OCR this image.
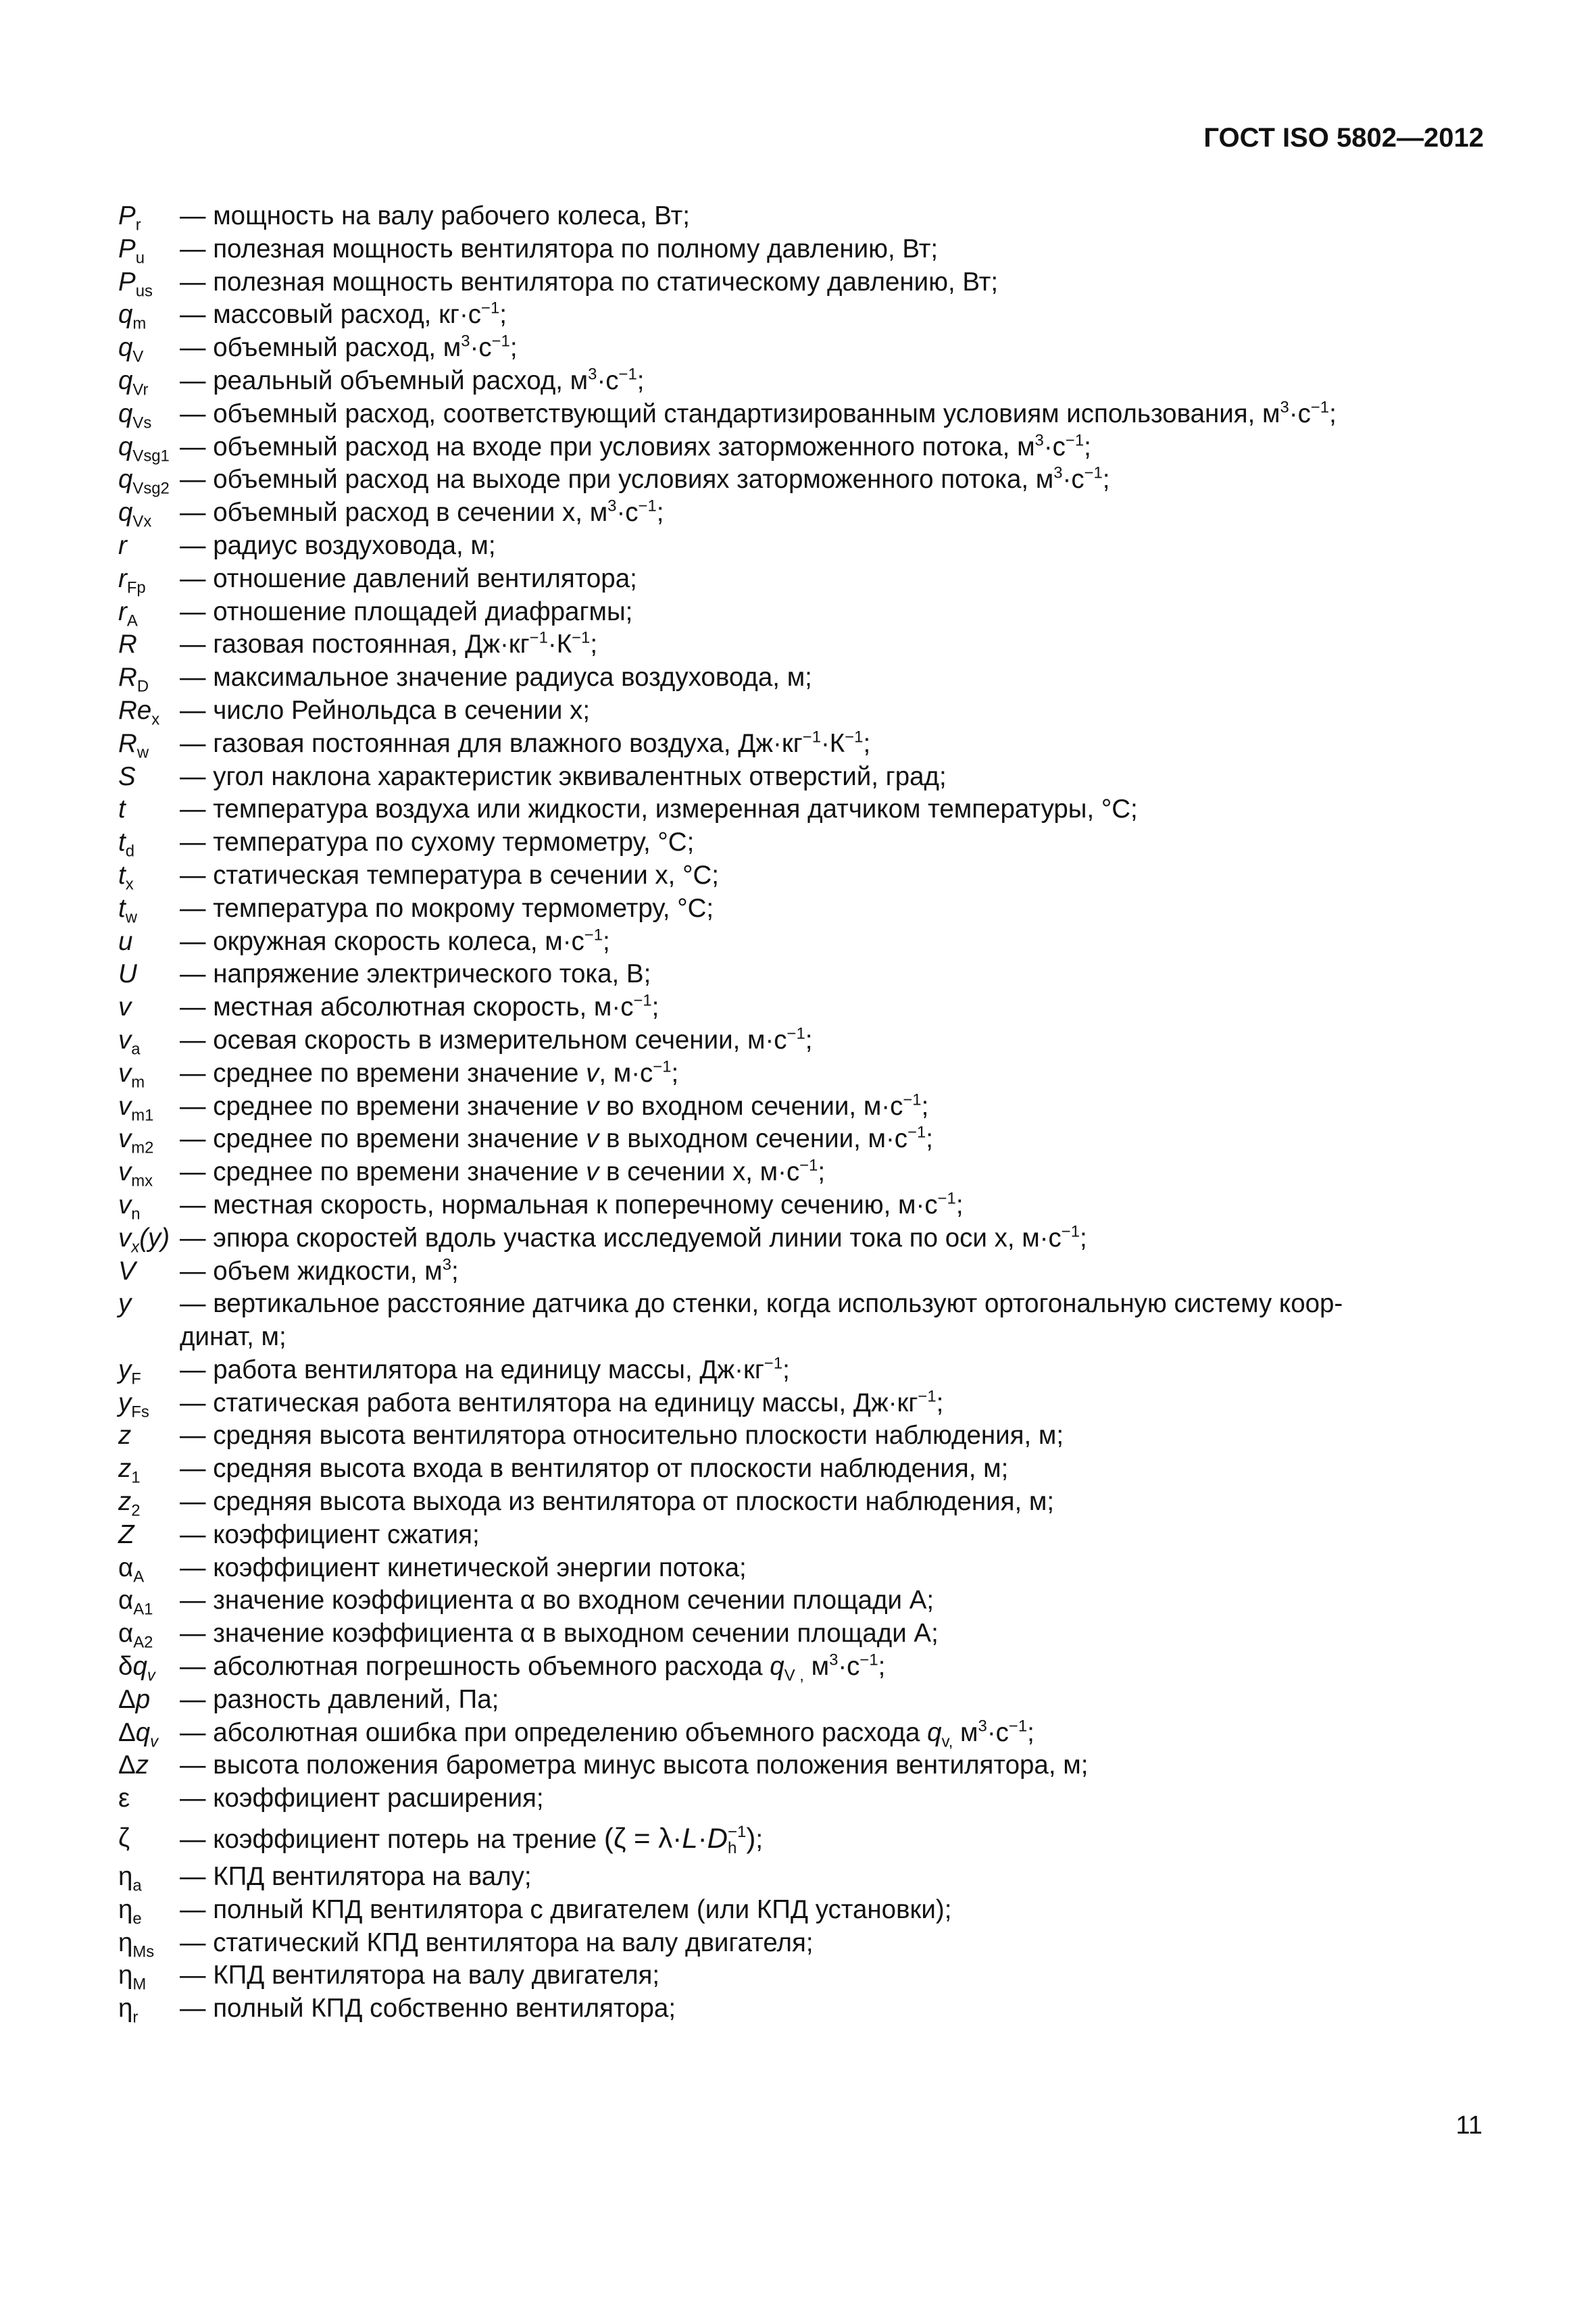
ГОСТ ISO 5802—2012
$P_r$	— мощность на валу рабочего колеса, Вт;
$P_u$	— полезная мощность вентилятора по полному давлению, Вт;
$P_{us}$	— полезная мощность вентилятора по статическому давлению, Вт;
$q_m$	— массовый расход, $кг\cdot с^{-1}$;
$q_V$	— объемный расход, $м^3\cdot с^{-1}$;
$q_{Vr}$	— реальный объемный расход, $м^3\cdot с^{-1}$;
$q_{Vs}$	— объемный расход, соответствующий стандартизированным условиям использования, $м^3\cdot с^{-1}$;
$q_{Vsg1}$ — объемный расход на входе при условиях заторможенного потока, $м^3\cdot с^{-1}$;
$q_{Vsg2}$ — объемный расход на выходе при условиях заторможенного потока, $м^3\cdot с^{-1}$;
$q_{Vx}$	— объемный расход в сечении x, $м^3\cdot с^{-1}$;
r	— радиус воздуховода, м;
$r_{Fp}$	— отношение давлений вентилятора;
$r_A$	— отношение площадей диафрагмы;
R	— газовая постоянная, $Дж\cdot кг^{-1}\cdot К^{-1}$;
$R_D$	— максимальное значение радиуса воздуховода, м;
$Re_x$ — число Рейнольдса в сечении x;
$R_w$	— газовая постоянная для влажного воздуха, $Дж\cdot кг^{-1}\cdot К^{-1}$;
S	— угол наклона характеристик эквивалентных отверстий, град;
t	— температура воздуха или жидкости, измеренная датчиком температуры, °С;
$t_d$	— температура по сухому термометру, °С;
$t_x$	— статическая температура в сечении x, °С;
$t_w$	— температура по мокрому термометру, °С;
u	— окружная скорость колеса, $м\cdot с^{-1}$;
U	— напряжение электрического тока, В;
v	— местная абсолютная скорость, $м\cdot с^{-1}$;
$v_a$	— осевая скорость в измерительном сечении, $м\cdot с^{-1}$;
$v_m$	— среднее по времени значение v, $м\cdot с^{-1}$;
$v_{m1}$	— среднее по времени значение v во входном сечении, $м\cdot с^{-1}$;
$v_{m2}$	— среднее по времени значение v в выходном сечении, $м\cdot с^{-1}$;
$v_{mx}$	— среднее по времени значение v в сечении x, $м\cdot с^{-1}$;
$v_n$	— местная скорость, нормальная к поперечному сечению, $м\cdot с^{-1}$;
$v_x(y)$ — эпюра скоростей вдоль участка исследуемой линии тока по оси x, $м\cdot с^{-1}$;
V	— объем жидкости, $м^3$;
y	— вертикальное расстояние датчика до стенки, когда используют ортогональную систему коор-
динат, м;
$y_F$	— работа вентилятора на единицу массы, $Дж\cdot кг^{-1}$;
$y_{Fs}$	— статическая работа вентилятора на единицу массы, $Дж\cdot кг^{-1}$;
z	— средняя высота вентилятора относительно плоскости наблюдения, м;
$z_1$	— средняя высота входа в вентилятор от плоскости наблюдения, м;
$z_2$	— средняя высота выхода из вентилятора от плоскости наблюдения, м;
Z	— коэффициент сжатия;
$\alpha_A$	— коэффициент кинетической энергии потока;
$\alpha_{A1}$	— значение коэффициента α во входном сечении площади А;
$\alpha_{A2}$	— значение коэффициента α в выходном сечении площади А;
$\delta q_v$ — абсолютная погрешность объемного расхода $q_{V ,}$ $м^3\cdot с^{-1}$;
Δp	— разность давлений, Па;
$\Delta q_v$ — абсолютная ошибка при определению объемного расхода $q_{v,}$ $м^3\cdot с^{-1}$;
Δz	— высота положения барометра минус высота положения вентилятора, м;
ε	— коэффициент расширения;
ζ	— коэффициент потерь на трение (ζ = λ·L·D −1
h );
$\eta_a$	— КПД вентилятора на валу;
$\eta_e$	— полный КПД вентилятора с двигателем (или КПД установки);
$\eta_{Ms}$ — статический КПД вентилятора на валу двигателя;
$\eta_M$	— КПД вентилятора на валу двигателя;
$\eta_r$	— полный КПД собственно вентилятора;
11
